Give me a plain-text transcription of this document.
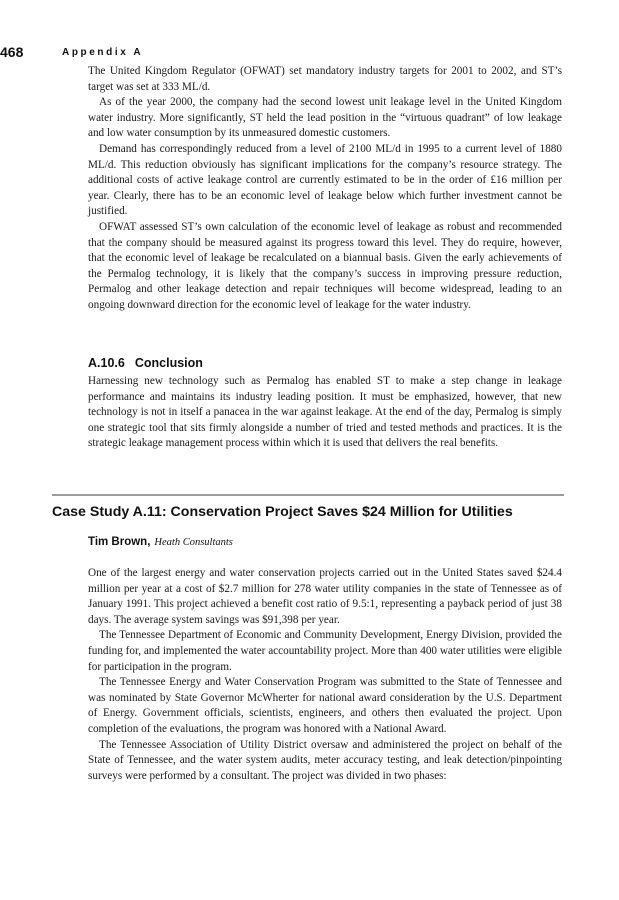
468	Appendix A

The United Kingdom Regulator (OFWAT) set mandatory industry targets for 2001 to 2002, and ST’s target was set at 333 ML/d.

As of the year 2000, the company had the second lowest unit leakage level in the United Kingdom water industry. More significantly, ST held the lead position in the “virtuous quadrant” of low leakage and low water consumption by its unmeasured domestic customers.

Demand has correspondingly reduced from a level of 2100 ML/d in 1995 to a current level of 1880 ML/d. This reduction obviously has significant implications for the company’s resource strategy. The additional costs of active leakage control are currently estimated to be in the order of £16 million per year. Clearly, there has to be an economic level of leakage below which further investment cannot be justified.

OFWAT assessed ST’s own calculation of the economic level of leakage as robust and recommended that the company should be measured against its progress toward this level. They do require, however, that the economic level of leakage be recalculated on a biannual basis. Given the early achievements of the Permalog technology, it is likely that the company’s success in improving pressure reduction, Permalog and other leakage detection and repair techniques will become widespread, leading to an ongoing downward direction for the economic level of leakage for the water industry.

A.10.6 Conclusion

Harnessing new technology such as Permalog has enabled ST to make a step change in leakage performance and maintains its industry leading position. It must be emphasized, however, that new technology is not in itself a panacea in the war against leakage. At the end of the day, Permalog is simply one strategic tool that sits firmly alongside a number of tried and tested methods and practices. It is the strategic leakage management process within which it is used that delivers the real benefits.

Case Study A.11: Conservation Project Saves $24 Million for Utilities
Tim Brown, Heath Consultants

One of the largest energy and water conservation projects carried out in the United States saved $24.4 million per year at a cost of $2.7 million for 278 water utility companies in the state of Tennessee as of January 1991. This project achieved a benefit cost ratio of 9.5:1, representing a payback period of just 38 days. The average system savings was $91,398 per year.

The Tennessee Department of Economic and Community Development, Energy Division, provided the funding for, and implemented the water accountability project. More than 400 water utilities were eligible for participation in the program.

The Tennessee Energy and Water Conservation Program was submitted to the State of Tennessee and was nominated by State Governor McWherter for national award consideration by the U.S. Department of Energy. Government officials, scientists, engineers, and others then evaluated the project. Upon completion of the evaluations, the program was honored with a National Award.

The Tennessee Association of Utility District oversaw and administered the project on behalf of the State of Tennessee, and the water system audits, meter accuracy testing, and leak detection/pinpointing surveys were performed by a consultant. The project was divided in two phases:
